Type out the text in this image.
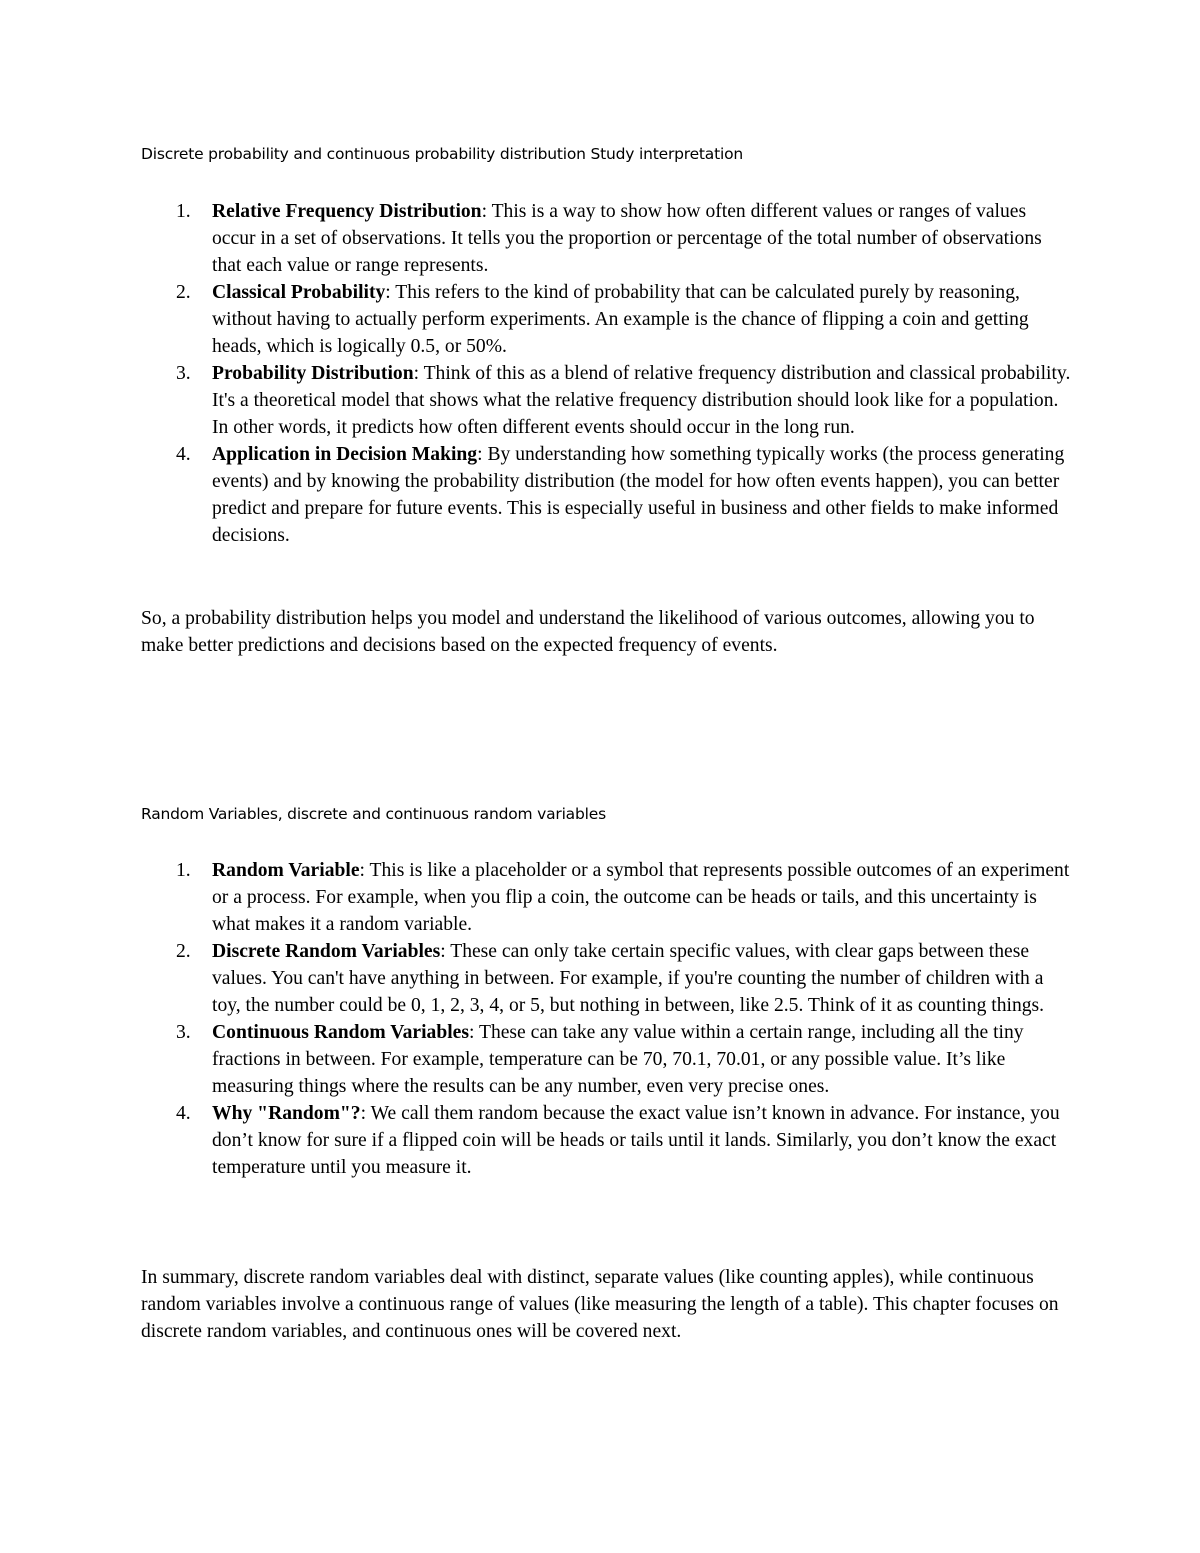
Discrete probability and continuous probability distribution Study interpretation
1. Relative Frequency Distribution: This is a way to show how often different values or ranges of values occur in a set of observations. It tells you the proportion or percentage of the total number of observations that each value or range represents.
2. Classical Probability: This refers to the kind of probability that can be calculated purely by reasoning, without having to actually perform experiments. An example is the chance of flipping a coin and getting heads, which is logically 0.5, or 50%.
3. Probability Distribution: Think of this as a blend of relative frequency distribution and classical probability. It's a theoretical model that shows what the relative frequency distribution should look like for a population. In other words, it predicts how often different events should occur in the long run.
4. Application in Decision Making: By understanding how something typically works (the process generating events) and by knowing the probability distribution (the model for how often events happen), you can better predict and prepare for future events. This is especially useful in business and other fields to make informed decisions.

So, a probability distribution helps you model and understand the likelihood of various outcomes, allowing you to make better predictions and decisions based on the expected frequency of events.

Random Variables, discrete and continuous random variables
1. Random Variable: This is like a placeholder or a symbol that represents possible outcomes of an experiment or a process. For example, when you flip a coin, the outcome can be heads or tails, and this uncertainty is what makes it a random variable.
2. Discrete Random Variables: These can only take certain specific values, with clear gaps between these values. You can't have anything in between. For example, if you're counting the number of children with a toy, the number could be 0, 1, 2, 3, 4, or 5, but nothing in between, like 2.5. Think of it as counting things.
3. Continuous Random Variables: These can take any value within a certain range, including all the tiny fractions in between. For example, temperature can be 70, 70.1, 70.01, or any possible value. It’s like measuring things where the results can be any number, even very precise ones.
4. Why "Random"?: We call them random because the exact value isn’t known in advance. For instance, you don’t know for sure if a flipped coin will be heads or tails until it lands. Similarly, you don’t know the exact temperature until you measure it.

In summary, discrete random variables deal with distinct, separate values (like counting apples), while continuous random variables involve a continuous range of values (like measuring the length of a table). This chapter focuses on discrete random variables, and continuous ones will be covered next.
